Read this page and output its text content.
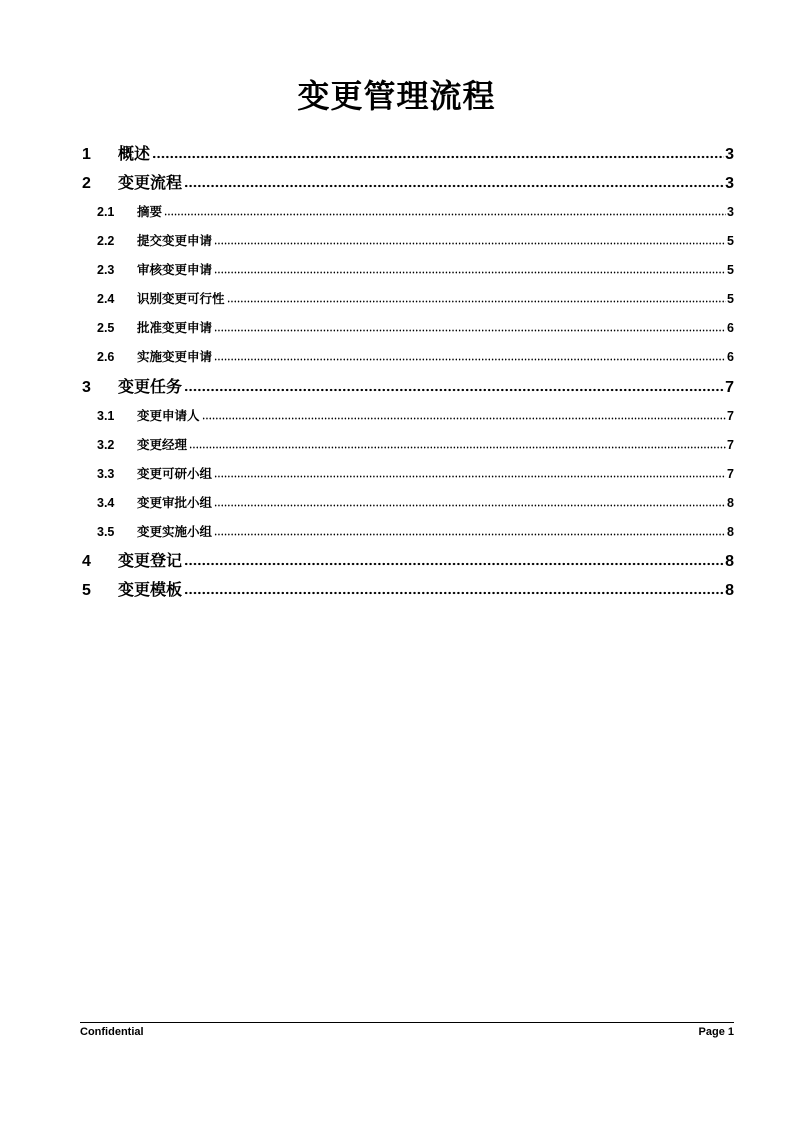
变更管理流程
1	概述	3
2	变更流程	3
2.1	摘要	3
2.2	提交变更申请	5
2.3	审核变更申请	5
2.4	识别变更可行性	5
2.5	批准变更申请	6
2.6	实施变更申请	6
3	变更任务	7
3.1	变更申请人	7
3.2	变更经理	7
3.3	变更可研小组	7
3.4	变更审批小组	8
3.5	变更实施小组	8
4	变更登记	8
5	变更模板	8
Confidential	Page 1
